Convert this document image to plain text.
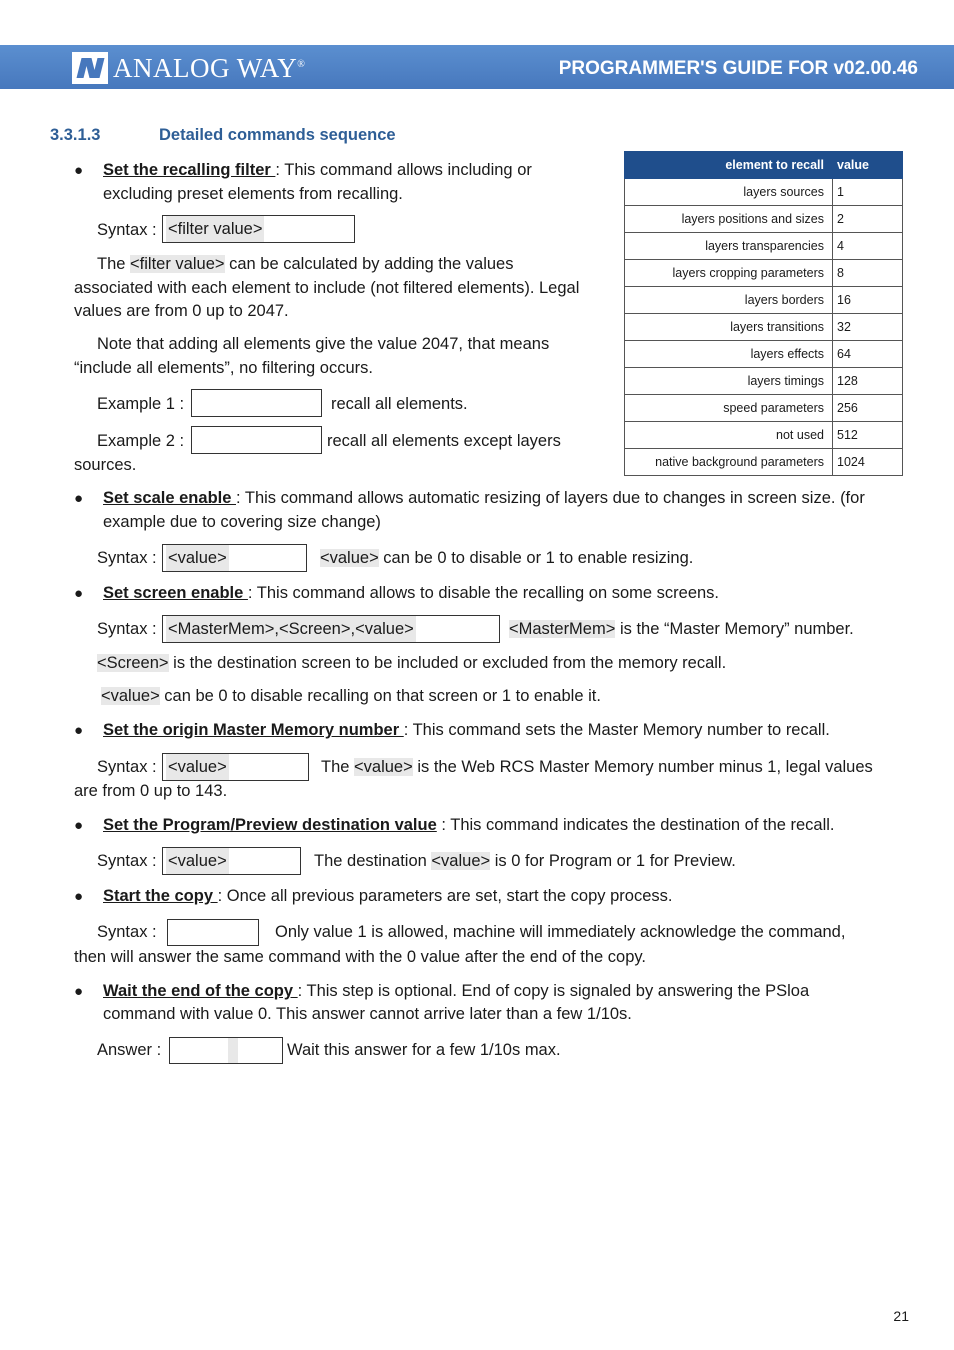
ANALOG WAY®	PROGRAMMER'S GUIDE FOR v02.00.46
3.3.1.3	Detailed commands sequence
● Set the recalling filter : This command allows including or
excluding preset elements from recalling.
Syntax : <filter value>
The <filter value> can be calculated by adding the values
associated with each element to include (not filtered elements). Legal
values are from 0 up to 2047.
Note that adding all elements give the value 2047, that means
“include all elements”, no filtering occurs.
Example 1 :	recall all elements.
Example 2 :	recall all elements except layers
sources.
element to recall	value
layers sources	1
layers positions and sizes	2
layers transparencies	4
layers cropping parameters	8
layers borders	16
layers transitions	32
layers effects	64
layers timings	128
speed parameters	256
not used	512
native background parameters	1024
● Set scale enable : This command allows automatic resizing of layers due to changes in screen size. (for
example due to covering size change)
Syntax : <value>	<value> can be 0 to disable or 1 to enable resizing.
● Set screen enable : This command allows to disable the recalling on some screens.
Syntax : <MasterMem>,<Screen>,<value>	<MasterMem> is the “Master Memory” number.
<Screen> is the destination screen to be included or excluded from the memory recall.
<value> can be 0 to disable recalling on that screen or 1 to enable it.
● Set the origin Master Memory number : This command sets the Master Memory number to recall.
Syntax : <value>	The <value> is the Web RCS Master Memory number minus 1, legal values
are from 0 up to 143.
● Set the Program/Preview destination value : This command indicates the destination of the recall.
Syntax : <value>	The destination <value> is 0 for Program or 1 for Preview.
● Start the copy : Once all previous parameters are set, start the copy process.
Syntax :	Only value 1 is allowed, machine will immediately acknowledge the command,
then will answer the same command with the 0 value after the end of the copy.
● Wait the end of the copy : This step is optional. End of copy is signaled by answering the PSloa
command with value 0. This answer cannot arrive later than a few 1/10s.
Answer :	Wait this answer for a few 1/10s max.
21
